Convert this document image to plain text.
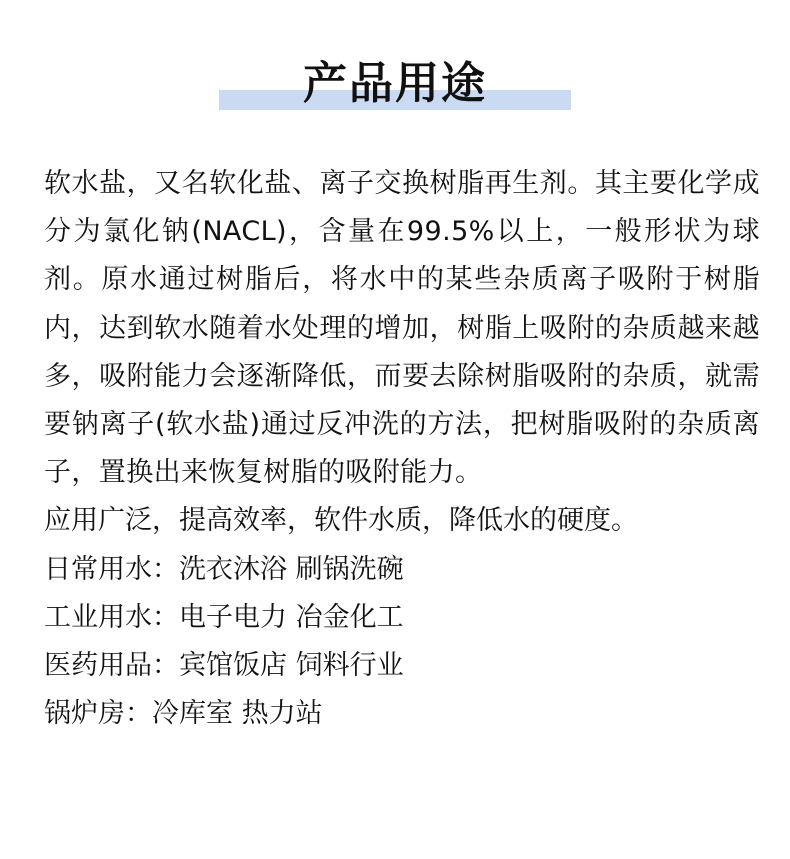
产品用途

软水盐，又名软化盐、离子交换树脂再生剂。其主要化学成分为氯化钠(NACL)，含量在99.5%以上，一般形状为球剂。原水通过树脂后，将水中的某些杂质离子吸附于树脂内，达到软水随着水处理的增加，树脂上吸附的杂质越来越多，吸附能力会逐渐降低，而要去除树脂吸附的杂质，就需要钠离子(软水盐)通过反冲洗的方法，把树脂吸附的杂质离子，置换出来恢复树脂的吸附能力。

应用广泛，提高效率，软件水质，降低水的硬度。

日常用水：洗衣沐浴 刷锅洗碗

工业用水：电子电力 冶金化工

医药用品：宾馆饭店 饲料行业

锅炉房：冷库室 热力站
